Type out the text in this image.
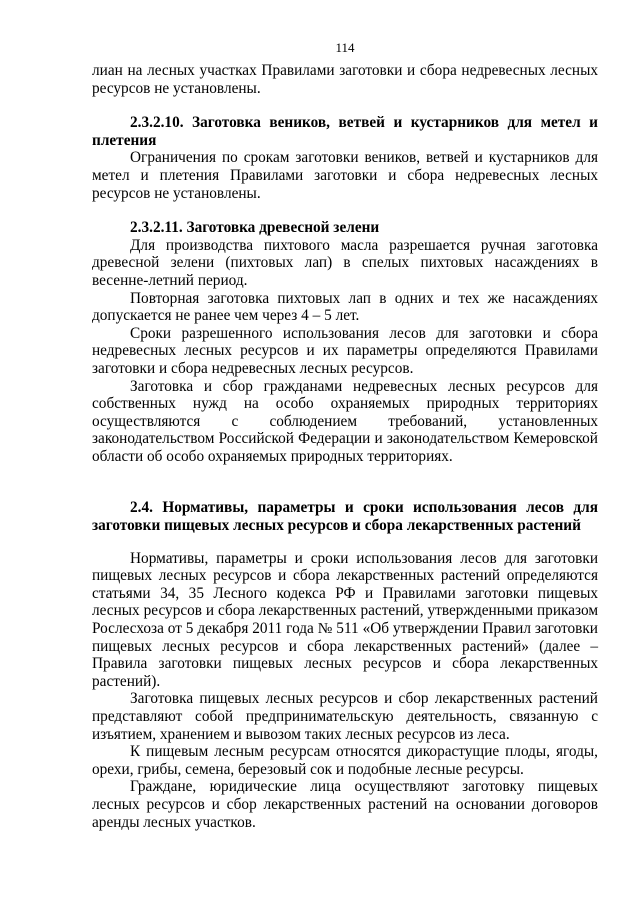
114

лиан на лесных участках Правилами заготовки и сбора недревесных лесных ресурсов не установлены.

2.3.2.10. Заготовка веников, ветвей и кустарников для метел и плетения

Ограничения по срокам заготовки веников, ветвей и кустарников для метел и плетения Правилами заготовки и сбора недревесных лесных ресурсов не установлены.

2.3.2.11. Заготовка древесной зелени

Для производства пихтового масла разрешается ручная заготовка древесной зелени (пихтовых лап) в спелых пихтовых насаждениях в весенне-летний период.

Повторная заготовка пихтовых лап в одних и тех же насаждениях допускается не ранее чем через 4 – 5 лет.

Сроки разрешенного использования лесов для заготовки и сбора недревесных лесных ресурсов и их параметры определяются Правилами заготовки и сбора недревесных лесных ресурсов.

Заготовка и сбор гражданами недревесных лесных ресурсов для собственных нужд на особо охраняемых природных территориях осуществляются с соблюдением требований, установленных законодательством Российской Федерации и законодательством Кемеровской области об особо охраняемых природных территориях.

2.4. Нормативы, параметры и сроки использования лесов для заготовки пищевых лесных ресурсов и сбора лекарственных растений

Нормативы, параметры и сроки использования лесов для заготовки пищевых лесных ресурсов и сбора лекарственных растений определяются статьями 34, 35 Лесного кодекса РФ и Правилами заготовки пищевых лесных ресурсов и сбора лекарственных растений, утвержденными приказом Рослесхоза от 5 декабря 2011 года № 511 «Об утверждении Правил заготовки пищевых лесных ресурсов и сбора лекарственных растений» (далее – Правила заготовки пищевых лесных ресурсов и сбора лекарственных растений).

Заготовка пищевых лесных ресурсов и сбор лекарственных растений представляют собой предпринимательскую деятельность, связанную с изъятием, хранением и вывозом таких лесных ресурсов из леса.

К пищевым лесным ресурсам относятся дикорастущие плоды, ягоды, орехи, грибы, семена, березовый сок и подобные лесные ресурсы.

Граждане, юридические лица осуществляют заготовку пищевых лесных ресурсов и сбор лекарственных растений на основании договоров аренды лесных участков.
